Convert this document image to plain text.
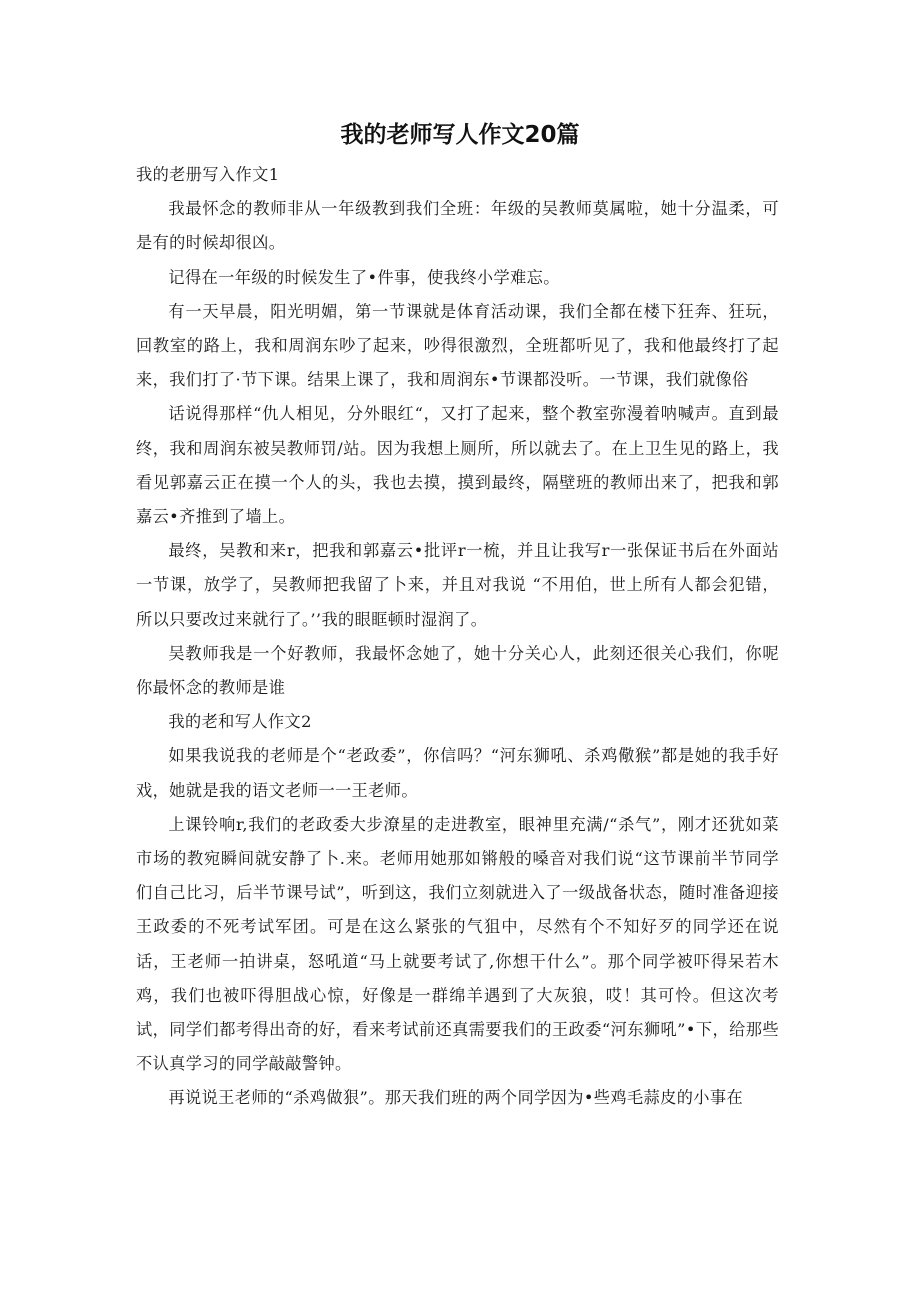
我的老师写人作文20篇

我的老册写入作文1

我最怀念的教师非从一年级教到我们全班：年级的吴教师莫属啦，她十分温柔，可是有的时候却很凶。

记得在一年级的时候发生了•件事，使我终小学难忘。

有一天早晨，阳光明媚，第一节课就是体育活动课，我们全都在楼下狂奔、狂玩，回教室的路上，我和周润东吵了起来，吵得很激烈，全班都听见了，我和他最终打了起来，我们打了·节下课。结果上课了，我和周润东•节课都没听。一节课，我们就像俗

话说得那样“仇人相见，分外眼红“，又打了起来，整个教室弥漫着呐喊声。直到最终，我和周润东被吴教师罚/站。因为我想上厕所，所以就去了。在上卫生见的路上，我看见郭嘉云正在摸一个人的头，我也去摸，摸到最终，隔壁班的教师出来了，把我和郭嘉云•齐推到了墙上。

最终，吴教和来r，把我和郭嘉云•批评r一梳，并且让我写r一张保证书后在外面站一节课，放学了，吴教师把我留了卜来，并且对我说 “不用伯，世上所有人都会犯错，所以只要改过来就行了。’’我的眼眶顿时湿润了。

吴教师我是一个好教师，我最怀念她了，她十分关心人，此刻还很关心我们，你呢你最怀念的教师是谁

我的老和写人作文2

如果我说我的老师是个“老政委”，你信吗？“河东狮吼、杀鸡儆猴”都是她的我手好戏，她就是我的语文老师一一王老师。

上课铃响r,我们的老政委大步潦星的走进教室，眼神里充满/“杀气”，刚才还犹如菜市场的教宛瞬间就安静了卜.来。老师用她那如锵般的嗓音对我们说“这节课前半节同学们自己比习，后半节课号试”，听到这，我们立刻就进入了一级战备状态，随时准备迎接王政委的不死考试军团。可是在这么紧张的气狙中，尽然有个不知好歹的同学还在说话，王老师一拍讲桌，怒吼道“马上就要考试了,你想干什么”。那个同学被吓得呆若木鸡，我们也被吓得胆战心惊，好像是一群绵羊遇到了大灰狼，哎！其可怜。但这次考试，同学们都考得出奇的好，看来考试前还真需要我们的王政委“河东狮吼”•下，给那些不认真学习的同学敲敲警钟。

再说说王老师的“杀鸡做狠”。那天我们班的两个同学因为•些鸡毛蒜皮的小事在
